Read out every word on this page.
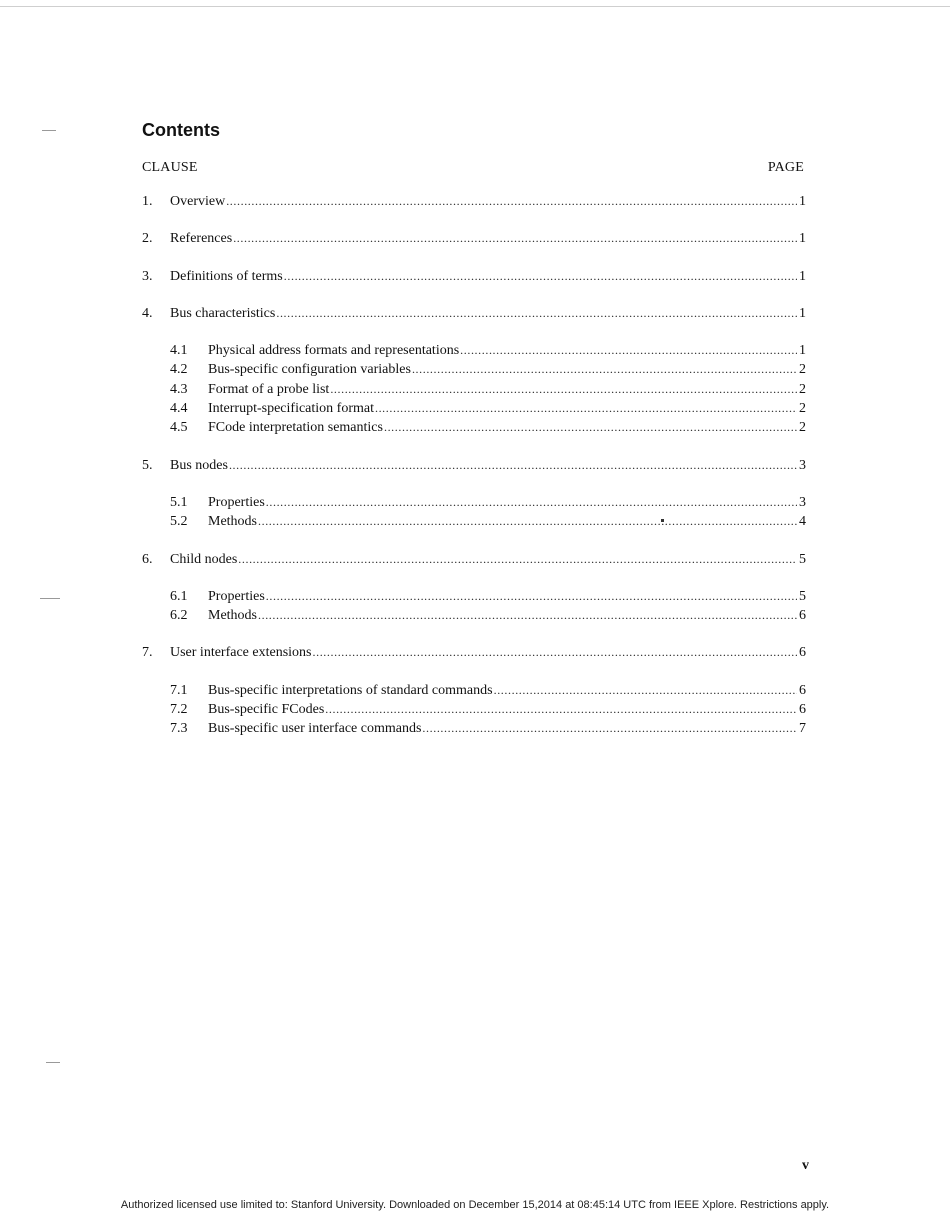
Contents
CLAUSE	PAGE
1.	Overview .....	1
2.	References .....	1
3.	Definitions of terms .....	1
4.	Bus characteristics .....	1
4.1	Physical address formats and representations .....	1
4.2	Bus-specific configuration variables .....	2
4.3	Format of a probe list .....	2
4.4	Interrupt-specification format .....	2
4.5	FCode interpretation semantics .....	2
5.	Bus nodes .....	3
5.1	Properties .....	3
5.2	Methods .....	4
6.	Child nodes .....	5
6.1	Properties .....	5
6.2	Methods .....	6
7.	User interface extensions .....	6
7.1	Bus-specific interpretations of standard commands .....	6
7.2	Bus-specific FCodes .....	6
7.3	Bus-specific user interface commands .....	7
v
Authorized licensed use limited to: Stanford University. Downloaded on December 15,2014 at 08:45:14 UTC from IEEE Xplore. Restrictions apply.
